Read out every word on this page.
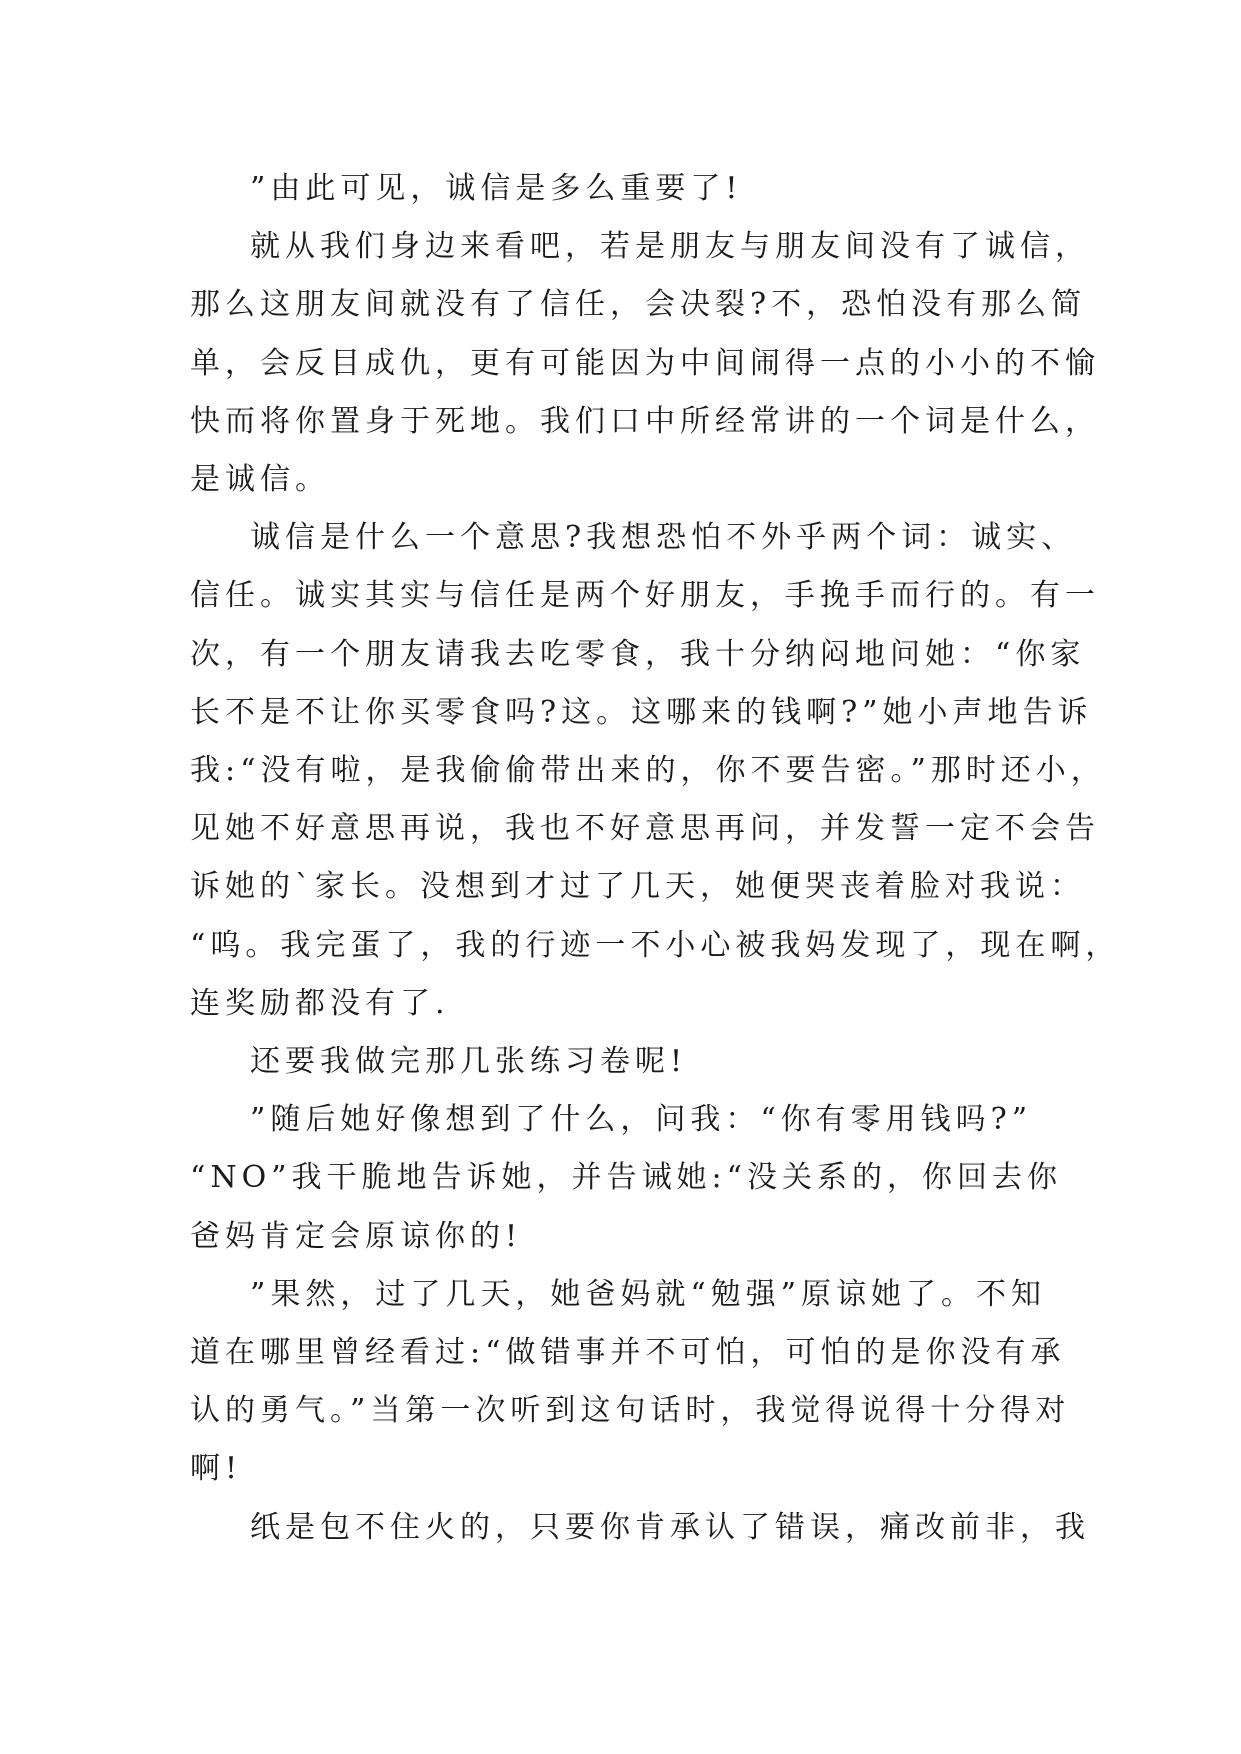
”由此可见，诚信是多么重要了!

就从我们身边来看吧，若是朋友与朋友间没有了诚信，
那么这朋友间就没有了信任，会决裂?不，恐怕没有那么简
单，会反目成仇，更有可能因为中间闹得一点的小小的不愉
快而将你置身于死地。我们口中所经常讲的一个词是什么，
是诚信。

诚信是什么一个意思?我想恐怕不外乎两个词：诚实、
信任。诚实其实与信任是两个好朋友，手挽手而行的。有一
次，有一个朋友请我去吃零食，我十分纳闷地问她：“你家
长不是不让你买零食吗?这。这哪来的钱啊?”她小声地告诉
我:“没有啦，是我偷偷带出来的，你不要告密。”那时还小，
见她不好意思再说，我也不好意思再问，并发誓一定不会告
诉她的`家长。没想到才过了几天，她便哭丧着脸对我说：
“呜。我完蛋了，我的行迹一不小心被我妈发现了，现在啊，
连奖励都没有了.

还要我做完那几张练习卷呢!

”随后她好像想到了什么，问我：“你有零用钱吗?”
“NO”我干脆地告诉她，并告诫她:“没关系的，你回去你
爸妈肯定会原谅你的!

”果然，过了几天，她爸妈就“勉强”原谅她了。不知
道在哪里曾经看过:“做错事并不可怕，可怕的是你没有承
认的勇气。”当第一次听到这句话时，我觉得说得十分得对
啊!

纸是包不住火的，只要你肯承认了错误，痛改前非，我
